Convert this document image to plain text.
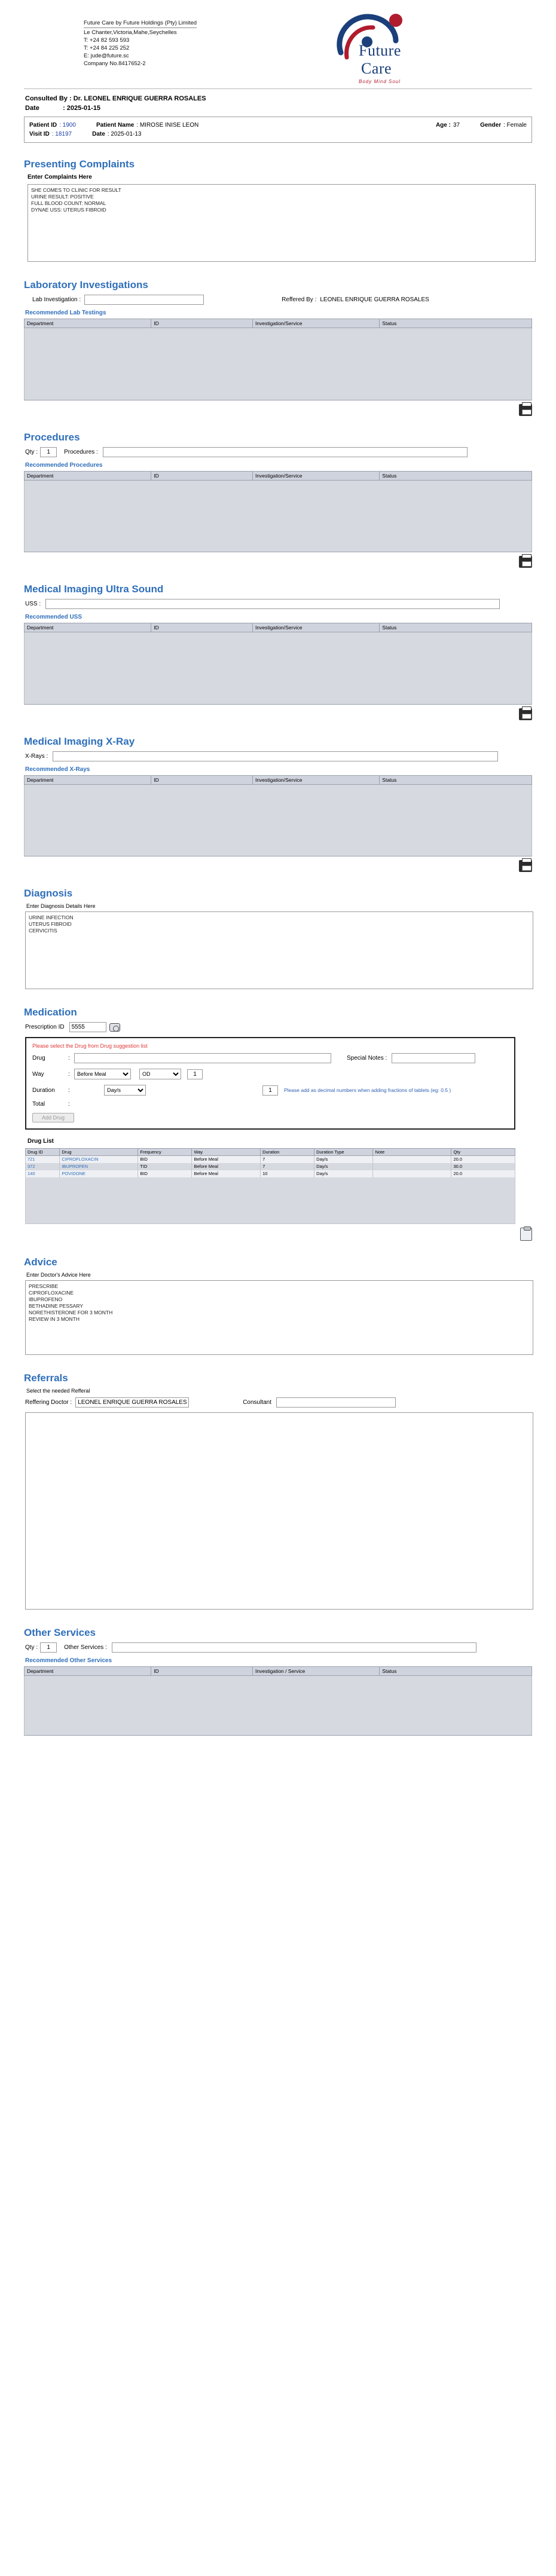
Future Care by Future Holdings (Pty) Limited
Le Chanter,Victoria,Mahe,Seychelles
T: +24 82 593 593
T: +24 84 225 252
E: jude@future.sc
Company No.8417652-2
Future
Care
Body Mind Soul
Consulted By : Dr. LEONEL ENRIQUE GUERRA ROSALES
Date	: 2025-01-15
Patient ID : 1900	Patient Name : MIROSE INISE LEON	Age : 37	Gender : Female
Visit ID : 18197	Date : 2025-01-13
Presenting Complaints
Enter Complaints Here
SHE COMES TO CLINIC FOR RESULT URINE RESULT: POSITIVE FULL BLOOD COUNT: NORMAL DYNAE USS: UTERUS FIBROID
Laboratory Investigations
Lab Investigation :	Reffered By : LEONEL ENRIQUE GUERRA ROSALES
Recommended Lab Testings
Department	ID	Investigation/Service	Status

Procedures
Qty :
1	Procedures :
Recommended Procedures
Department	ID	Investigation/Service	Status

Medical Imaging Ultra Sound
USS :
Recommended USS
Department	ID	Investigation/Service	Status

Medical Imaging X-Ray
X-Rays :
Recommended X-Rays
Department	ID	Investigation/Service	Status

Diagnosis
Enter Diagnosis Details Here
URINE INFECTION UTERUS FIBROID CERVICITIS
Medication
Prescription ID
5555
Please select the Drug from Drug suggestion list
Drug	:	Special Notes :
Way	:
Before Meal
OD
1
Duration	:
Day/s
1	Please add as decimal numbers when adding fractions of tablets (eg: 0.5 )
Total	:
Add Drug
Drug List
Drug ID	Drug	Frequency	Way	Duration	Duration Type	Note	Qty
721	CIPROFLOXACIN	BID	Before Meal	7	Day/s		20.0
372	IBUPROFEN	TID	Before Meal	7	Day/s		30.0
140	POVIDONE	BID	Before Meal	10	Day/s		20.0
Advice
Enter Doctor's Advice Here
PRESCRIBE CIPROFLOXACINE IBUPROFENO BETHADINE PESSARY NORETHISTERONE FOR 3 MONTH REVIEW IN 3 MONTH
Referrals
Select the needed Refferal
Reffering Doctor :
LEONEL ENRIQUE GUERRA ROSALES	Consultant
Other Services
Qty :
1	Other Services :
Recommended Other Services
Department	ID	Investigation / Service	Status
